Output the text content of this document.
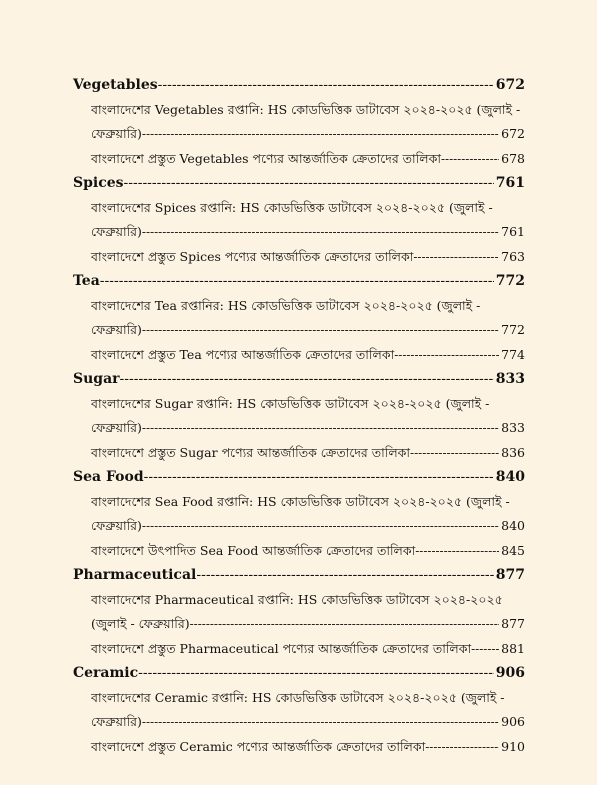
Vegetables -----	672
বাংলাদেশের Vegetables রপ্তানি: HS কোডভিত্তিক ডাটাবেস ২০২৪-২০২৫ (জুলাই -
ফেব্রুয়ারি) -----	672
বাংলাদেশে প্রস্তুত Vegetables পণ্যের আন্তর্জাতিক ক্রেতাদের তালিকা -----	678
Spices -----	761
বাংলাদেশের Spices রপ্তানি: HS কোডভিত্তিক ডাটাবেস ২০২৪-২০২৫ (জুলাই -
ফেব্রুয়ারি) -----	761
বাংলাদেশে প্রস্তুত Spices পণ্যের আন্তর্জাতিক ক্রেতাদের তালিকা -----	763
Tea -----	772
বাংলাদেশের Tea রপ্তানির: HS কোডভিত্তিক ডাটাবেস ২০২৪-২০২৫ (জুলাই -
ফেব্রুয়ারি) -----	772
বাংলাদেশে প্রস্তুত Tea পণ্যের আন্তর্জাতিক ক্রেতাদের তালিকা -----	774
Sugar -----	833
বাংলাদেশের Sugar রপ্তানি: HS কোডভিত্তিক ডাটাবেস ২০২৪-২০২৫ (জুলাই -
ফেব্রুয়ারি) -----	833
বাংলাদেশে প্রস্তুত Sugar পণ্যের আন্তর্জাতিক ক্রেতাদের তালিকা -----	836
Sea Food -----	840
বাংলাদেশের Sea Food রপ্তানি: HS কোডভিত্তিক ডাটাবেস ২০২৪-২০২৫ (জুলাই -
ফেব্রুয়ারি) -----	840
বাংলাদেশে উৎপাদিত Sea Food আন্তর্জাতিক ক্রেতাদের তালিকা -----	845
Pharmaceutical -----	877
বাংলাদেশের Pharmaceutical রপ্তানি: HS কোডভিত্তিক ডাটাবেস ২০২৪-২০২৫
(জুলাই - ফেব্রুয়ারি) -----	877
বাংলাদেশে প্রস্তুত Pharmaceutical পণ্যের আন্তর্জাতিক ক্রেতাদের তালিকা ----- 881
Ceramic -----	906
বাংলাদেশের Ceramic রপ্তানি: HS কোডভিত্তিক ডাটাবেস ২০২৪-২০২৫ (জুলাই -
ফেব্রুয়ারি) -----	906
বাংলাদেশে প্রস্তুত Ceramic পণ্যের আন্তর্জাতিক ক্রেতাদের তালিকা -----	910
